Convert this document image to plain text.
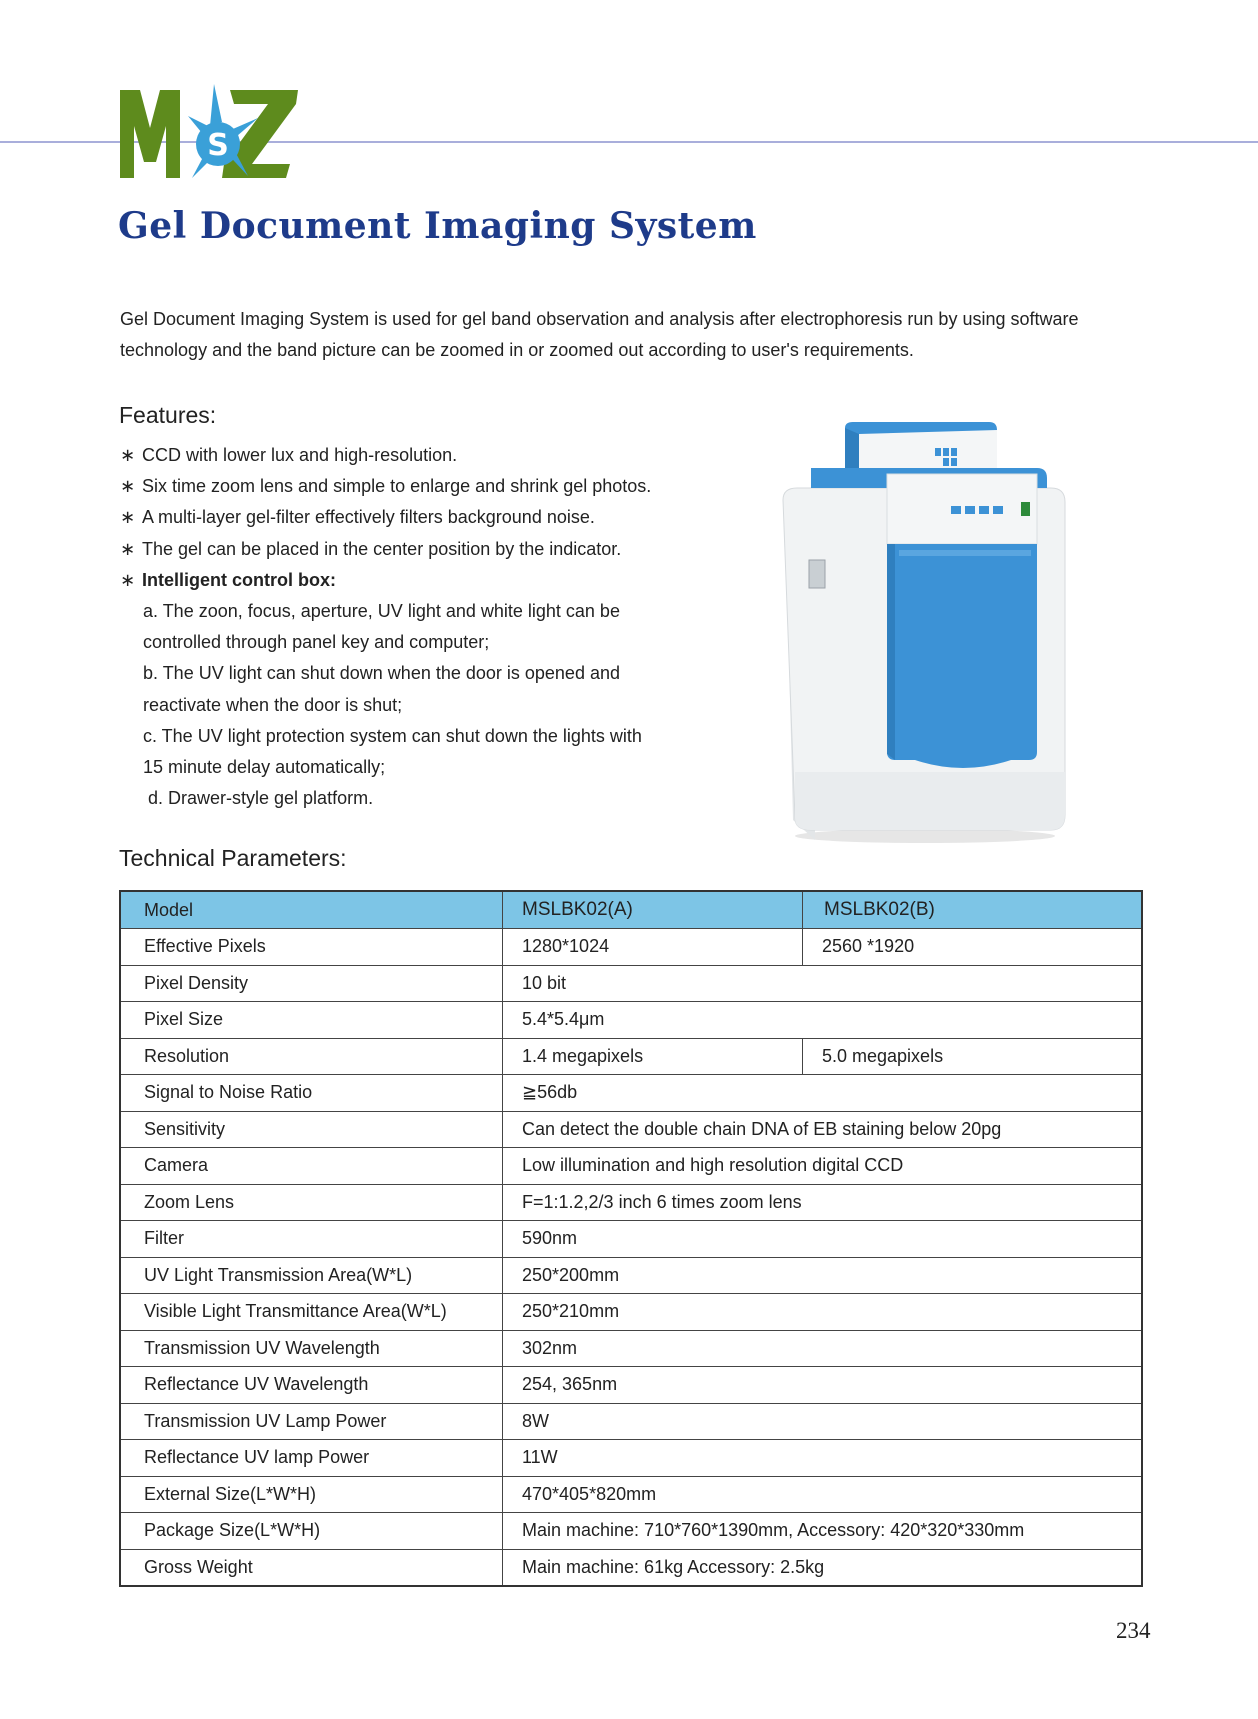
S
Gel Document Imaging System

Gel Document Imaging System is used for gel band observation and analysis after electrophoresis run by using software technology and the band picture can be zoomed in or zoomed out according to user's requirements.

Features:
∗ CCD with lower lux and high-resolution.
∗ Six time zoom lens and simple to enlarge and shrink gel photos.
∗ A multi-layer gel-filter effectively filters background noise.
∗ The gel can be placed in the center position by the indicator.
∗ Intelligent control box:
a. The zoon, focus, aperture, UV light and white light can be
controlled through panel key and computer;
b. The UV light can shut down when the door is opened and
reactivate when the door is shut;
c. The UV light protection system can shut down the lights with
15 minute delay automatically;
d. Drawer-style gel platform.
Technical Parameters:
Model	MSLBK02(A)	MSLBK02(B)
Effective Pixels	1280*1024	2560 *1920
Pixel Density	10 bit	
Pixel Size	5.4*5.4μm	
Resolution	1.4 megapixels	5.0 megapixels
Signal to Noise Ratio	≧56db	
Sensitivity	Can detect the double chain DNA of EB staining below 20pg	
Camera	Low illumination and high resolution digital CCD	
Zoom Lens	F=1:1.2,2/3 inch 6 times zoom lens	
Filter	590nm	
UV Light Transmission Area(W*L)	250*200mm	
Visible Light Transmittance Area(W*L)	250*210mm	
Transmission UV Wavelength	302nm	
Reflectance UV Wavelength	254, 365nm	
Transmission UV Lamp Power	8W	
Reflectance UV lamp Power	11W	
External Size(L*W*H)	470*405*820mm	
Package Size(L*W*H)	Main machine: 710*760*1390mm, Accessory: 420*320*330mm	
Gross Weight	Main machine: 61kg Accessory: 2.5kg	

234
